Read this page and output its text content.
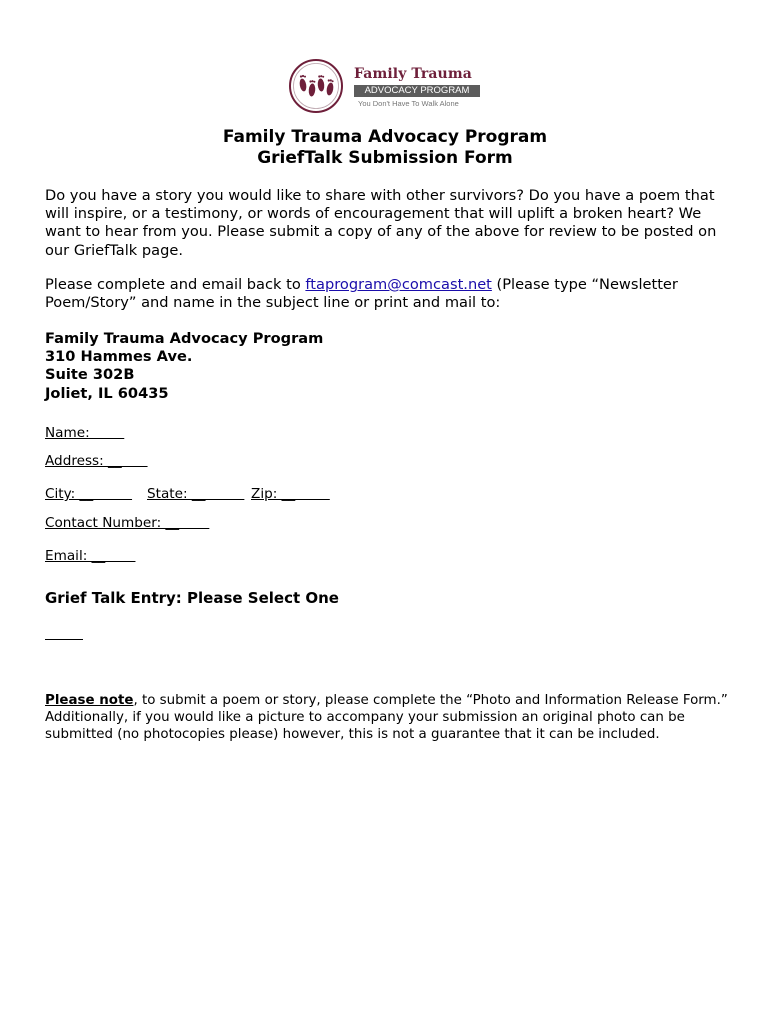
Family Trauma
ADVOCACY PROGRAM
You Don't Have To Walk Alone
Family Trauma Advocacy Program
GriefTalk Submission Form

Do you have a story you would like to share with other survivors? Do you have a poem that will inspire, or a testimony, or words of encouragement that will uplift a broken heart? We want to hear from you. Please submit a copy of any of the above for review to be posted on our GriefTalk page.

Please complete and email back to ftaprogram@comcast.net (Please type “Newsletter Poem/Story” and name in the subject line or print and mail to:

Family Trauma Advocacy Program
310 Hammes Ave.
Suite 302B
Joliet, IL 60435
Name:
Address: __
City: __ State: __ Zip: __
Contact Number: __
Email: __
Grief Talk Entry: Please Select One

Please note, to submit a poem or story, please complete the “Photo and Information Release Form.” Additionally, if you would like a picture to accompany your submission an original photo can be submitted (no photocopies please) however, this is not a guarantee that it can be included.
